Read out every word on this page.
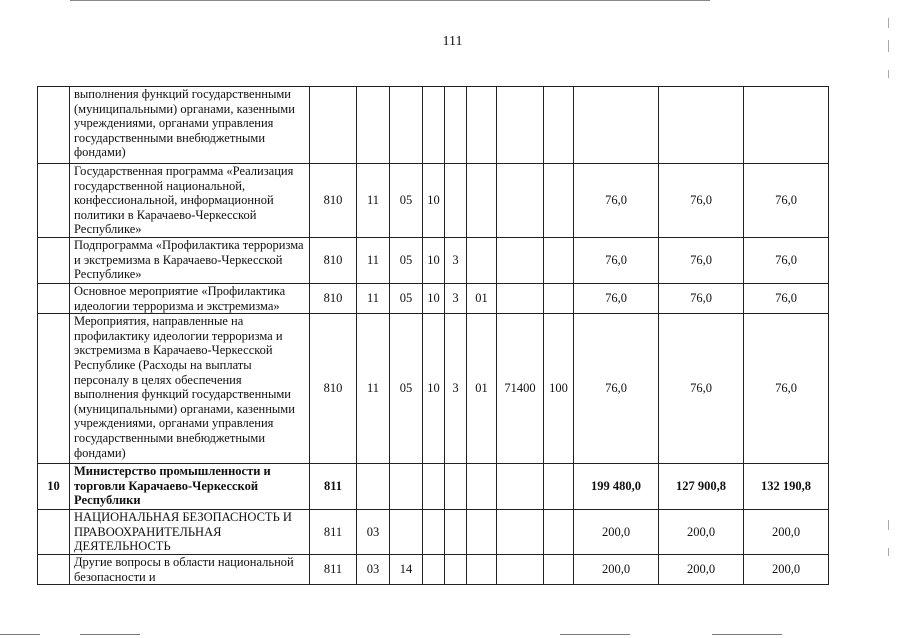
111
	выполнения функций государственными (муниципальными) органами, казенными учреждениями, органами управления государственными внебюджетными фондами)											
	Государственная программа «Реализация государственной национальной, конфессиональной, информационной политики в Карачаево-Черкесской Республике»	810	11	05	10					76,0	76,0	76,0
	Подпрограмма «Профилактика терроризма и экстремизма в Карачаево-Черкесской Республике»	810	11	05	10	3				76,0	76,0	76,0
	Основное мероприятие «Профилактика идеологии терроризма и экстремизма»	810	11	05	10	3	01			76,0	76,0	76,0
	Мероприятия, направленные на профилактику идеологии терроризма и экстремизма в Карачаево-Черкесской Республике (Расходы на выплаты персоналу в целях обеспечения выполнения функций государственными (муниципальными) органами, казенными учреждениями, органами управления государственными внебюджетными фондами)	810	11	05	10	3	01	71400	100	76,0	76,0	76,0
10	Министерство промышленности и торговли Карачаево-Черкесской Республики	811								199 480,0	127 900,8	132 190,8
	НАЦИОНАЛЬНАЯ БЕЗОПАСНОСТЬ И ПРАВООХРАНИТЕЛЬНАЯ ДЕЯТЕЛЬНОСТЬ	811	03							200,0	200,0	200,0
	Другие вопросы в области национальной безопасности и	811	03	14						200,0	200,0	200,0
